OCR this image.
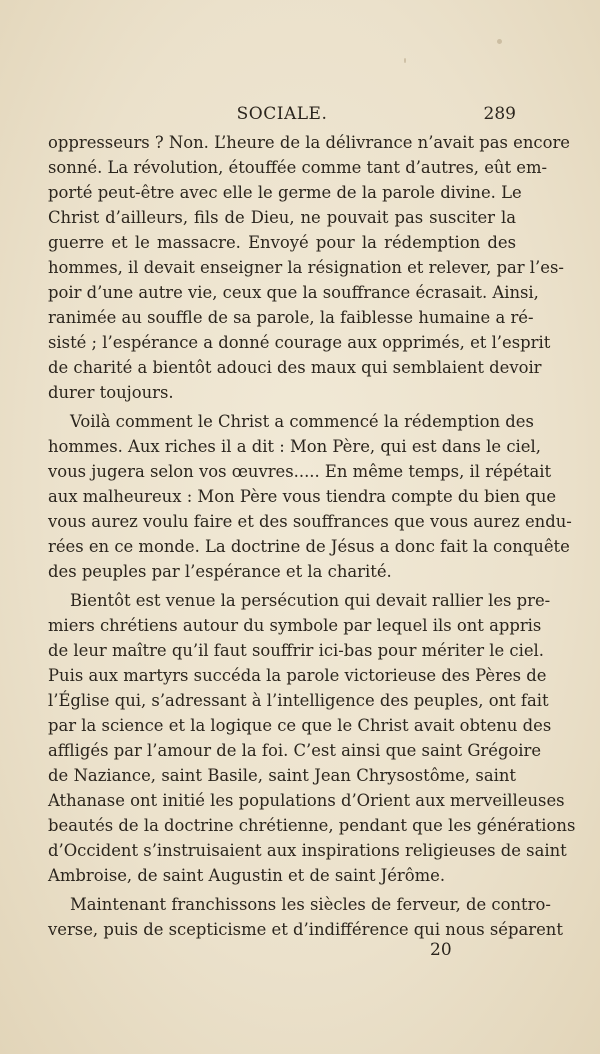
SOCIALE.	289
oppresseurs ? Non. L’heure de la délivrance n’avait pas encore
sonné. La révolution, étouffée comme tant d’autres, eût em-
porté peut-être avec elle le germe de la parole divine. Le
Christ d’ailleurs, fils de Dieu, ne pouvait pas susciter la
guerre et le massacre. Envoyé pour la rédemption des
hommes, il devait enseigner la résignation et relever, par l’es-
poir d’une autre vie, ceux que la souffrance écrasait. Ainsi,
ranimée au souffle de sa parole, la faiblesse humaine a ré-
sisté ; l’espérance a donné courage aux opprimés, et l’esprit
de charité a bientôt adouci des maux qui semblaient devoir
durer toujours.
Voilà comment le Christ a commencé la rédemption des
hommes. Aux riches il a dit : Mon Père, qui est dans le ciel,
vous jugera selon vos œuvres..... En même temps, il répétait
aux malheureux : Mon Père vous tiendra compte du bien que
vous aurez voulu faire et des souffrances que vous aurez endu-
rées en ce monde. La doctrine de Jésus a donc fait la conquête
des peuples par l’espérance et la charité.
Bientôt est venue la persécution qui devait rallier les pre-
miers chrétiens autour du symbole par lequel ils ont appris
de leur maître qu’il faut souffrir ici-bas pour mériter le ciel.
Puis aux martyrs succéda la parole victorieuse des Pères de
l’Église qui, s’adressant à l’intelligence des peuples, ont fait
par la science et la logique ce que le Christ avait obtenu des
affligés par l’amour de la foi. C’est ainsi que saint Grégoire
de Naziance, saint Basile, saint Jean Chrysostôme, saint
Athanase ont initié les populations d’Orient aux merveilleuses
beautés de la doctrine chrétienne, pendant que les générations
d’Occident s’instruisaient aux inspirations religieuses de saint
Ambroise, de saint Augustin et de saint Jérôme.
Maintenant franchissons les siècles de ferveur, de contro-
verse, puis de scepticisme et d’indifférence qui nous séparent
20
